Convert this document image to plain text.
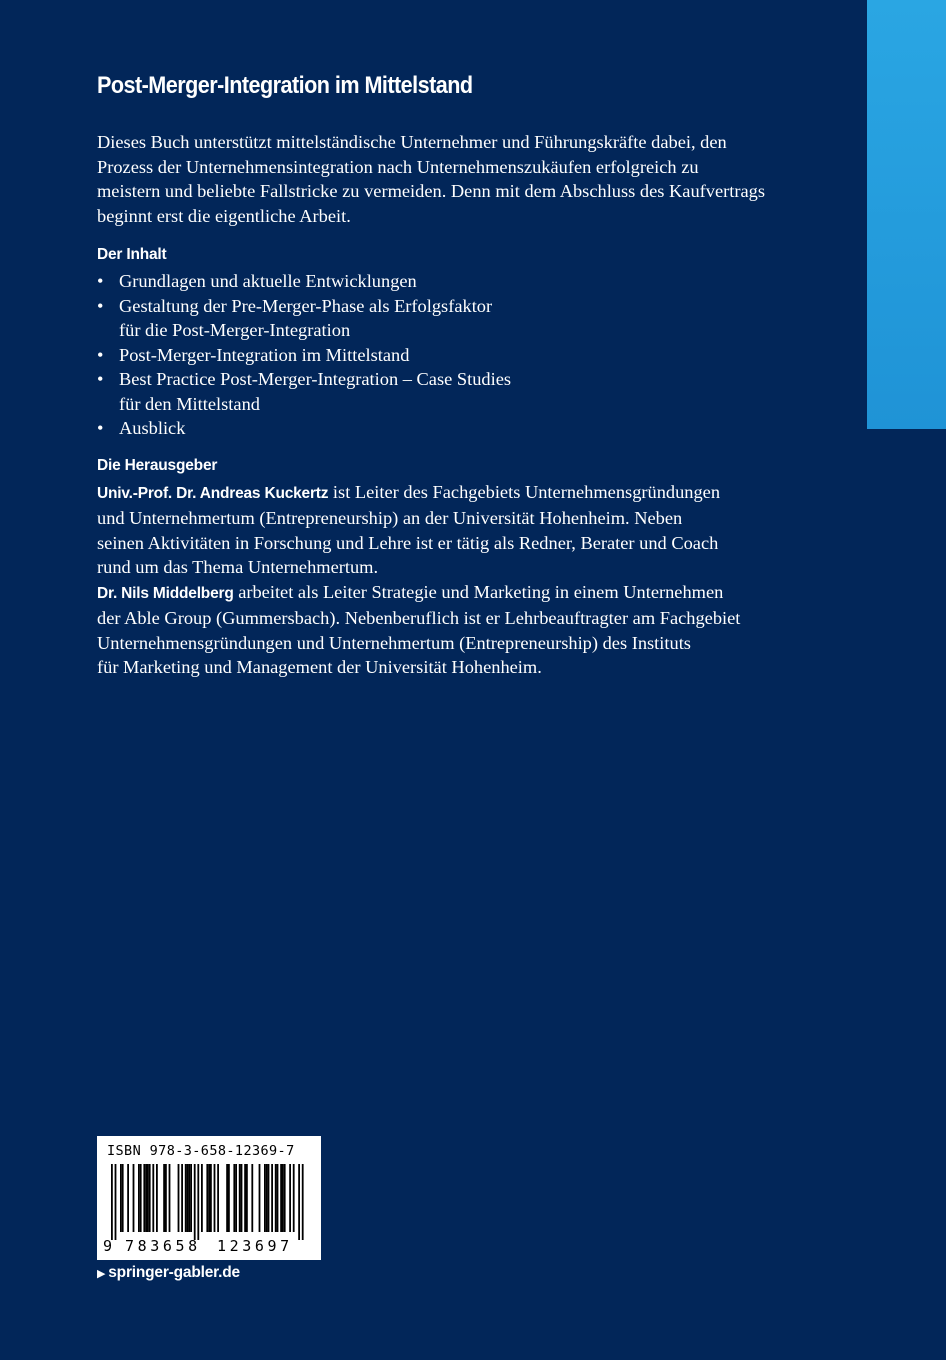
Post-Merger-Integration im Mittelstand

Dieses Buch unterstützt mittelständische Unternehmer und Führungskräfte dabei, den
Prozess der Unternehmensintegration nach Unternehmenszukäufen erfolgreich zu
meistern und beliebte Fallstricke zu vermeiden. Denn mit dem Abschluss des Kaufvertrags
beginnt erst die eigentliche Arbeit.

Der Inhalt
• Grundlagen und aktuelle Entwicklungen
• Gestaltung der Pre-Merger-Phase als Erfolgsfaktor
für die Post-Merger-Integration
• Post-Merger-Integration im Mittelstand
• Best Practice Post-Merger-Integration – Case Studies
für den Mittelstand
• Ausblick
Die Herausgeber

Univ.-Prof. Dr. Andreas Kuckertz ist Leiter des Fachgebiets Unternehmensgründungen
und Unternehmertum (Entrepreneurship) an der Universität Hohenheim. Neben
seinen Aktivitäten in Forschung und Lehre ist er tätig als Redner, Berater und Coach
rund um das Thema Unternehmertum.

Dr. Nils Middelberg arbeitet als Leiter Strategie und Marketing in einem Unternehmen
der Able Group (Gummersbach). Nebenberuflich ist er Lehrbeauftragter am Fachgebiet
Unternehmensgründungen und Unternehmertum (Entrepreneurship) des Instituts
für Marketing und Management der Universität Hohenheim.

ISBN 978-3-658-12369-7
9 783658 123697
▶ springer-gabler.de
